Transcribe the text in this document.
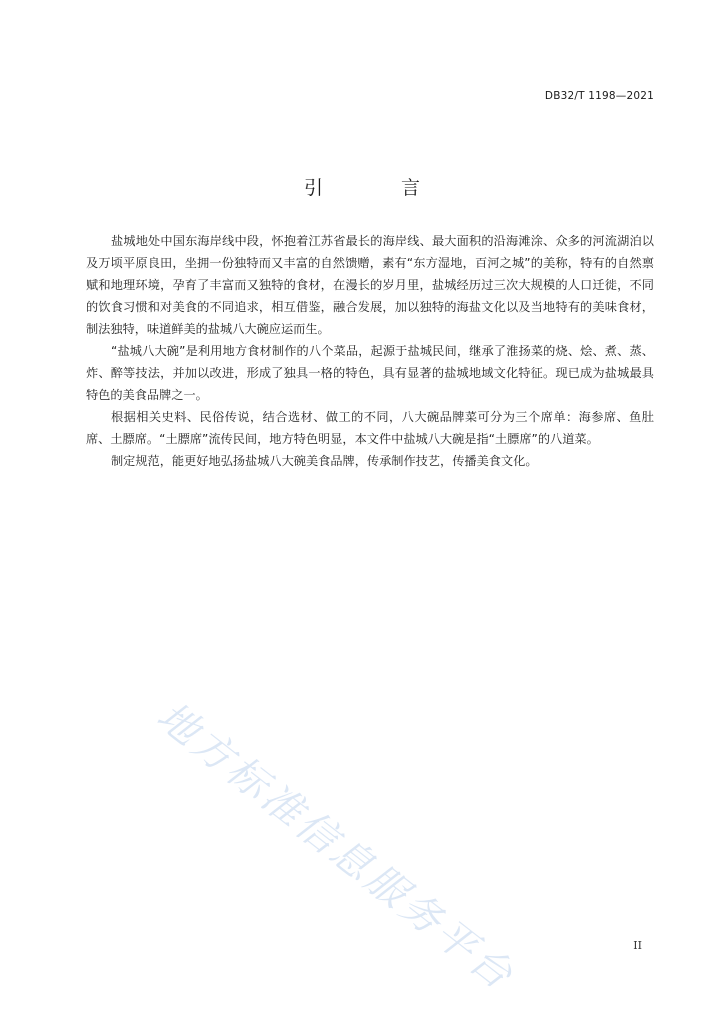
DB32/T 1198—2021
引 言

盐城地处中国东海岸线中段，怀抱着江苏省最长的海岸线、最大面积的沿海滩涂、众多的河流湖泊以及万顷平原良田，坐拥一份独特而又丰富的自然馈赠，素有“东方湿地，百河之城”的美称，特有的自然禀赋和地理环境，孕育了丰富而又独特的食材，在漫长的岁月里，盐城经历过三次大规模的人口迁徙，不同的饮食习惯和对美食的不同追求，相互借鉴，融合发展，加以独特的海盐文化以及当地特有的美味食材，制法独特，味道鲜美的盐城八大碗应运而生。

“盐城八大碗”是利用地方食材制作的八个菜品，起源于盐城民间，继承了淮扬菜的烧、烩、煮、蒸、炸、醉等技法，并加以改进，形成了独具一格的特色，具有显著的盐城地域文化特征。现已成为盐城最具特色的美食品牌之一。

根据相关史料、民俗传说，结合选材、做工的不同，八大碗品牌菜可分为三个席单：海参席、鱼肚席、土膘席。“土膘席”流传民间，地方特色明显，本文件中盐城八大碗是指“土膘席”的八道菜。

制定规范，能更好地弘扬盐城八大碗美食品牌，传承制作技艺，传播美食文化。

地方标准信息服务平台	II
